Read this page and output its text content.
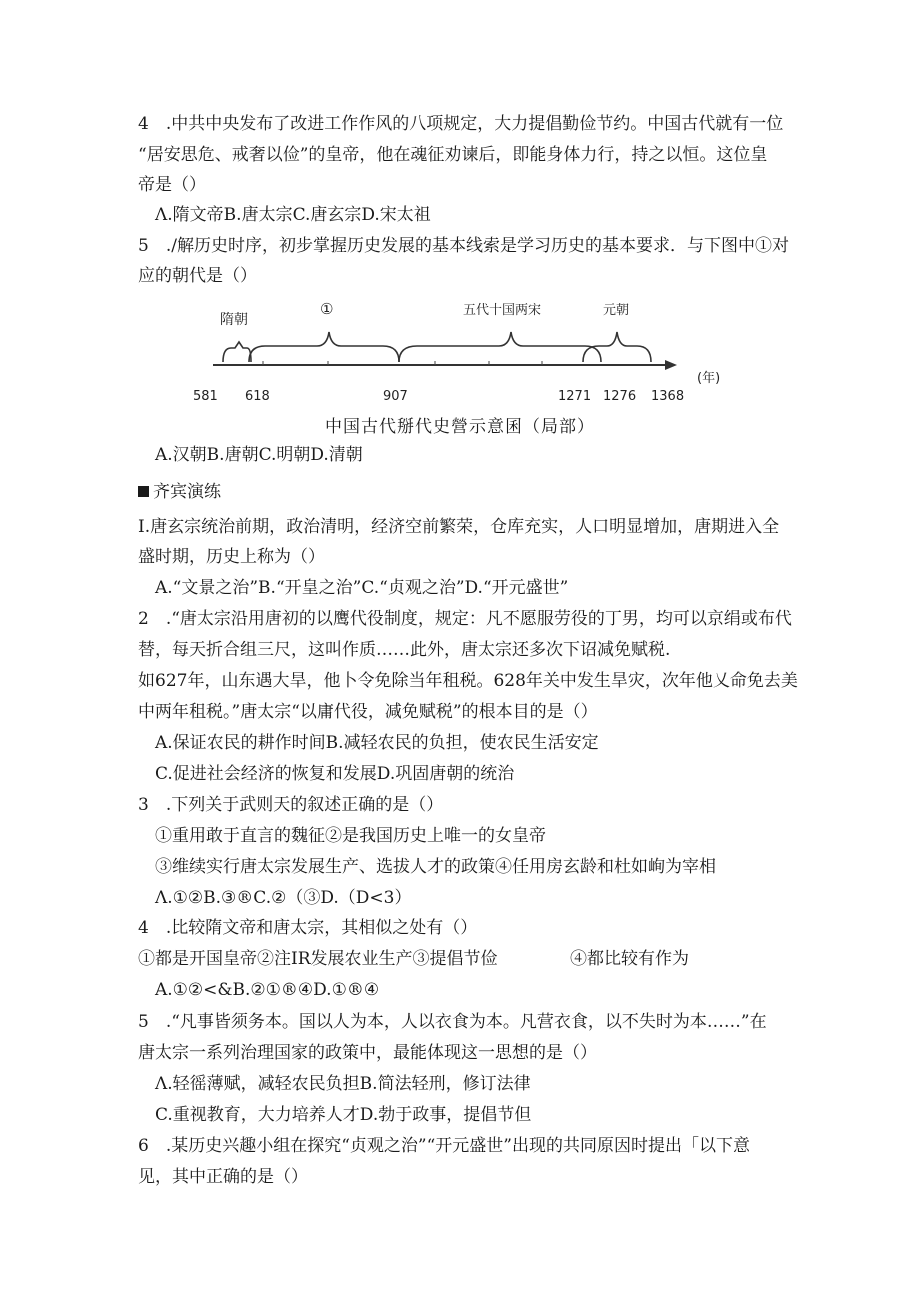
4　.中共中央发布了改进工作作风的八项规定，大力提倡勤俭节约。中国古代就有一位
“居安思危、戒奢以俭”的皇帝，他在魂征劝谏后，即能身体力行，持之以恒。这位皇
帝是（）
Λ.隋文帝B.唐太宗C.唐玄宗D.宋太祖
5　./解历史时序，初步掌握历史发展的基本线索是学习历史的基本要求．与下图中①对
应的朝代是（）
隋朝
①	五代十国两宋	元朝
(年)
581 618	907	1271 1276 1368
中国古代掰代史營示意囷（局部）
A.汉朝B.唐朝C.明朝D.清朝
齐宾演练
I.唐玄宗统治前期，政治清明，经济空前繁荣，仓库充实，人口明显增加，唐期进入全
盛时期，历史上称为（）
A.“文景之治”B.“开皇之治”C.“贞观之治”D.“开元盛世”
2　.“唐太宗沿用唐初的以鹰代役制度，规定：凡不愿服劳役的丁男，均可以京绢或布代
替，每天折合组三尺，这叫作质……此外，唐太宗还多次下诏减免赋税.
如627年，山东遇大旱，他卜令免除当年租税。628年关中发生旱灾，次年他乂命免去美
中两年租税。”唐太宗“以庸代役，减免赋税”的根本目的是（）
A.保证农民的耕作时间B.减轻农民的负担，使农民生活安定
C.促进社会经济的恢复和发展D.巩固唐朝的统治
3　.下列关于武则天的叙述正确的是（）
①重用敢于直言的魏征②是我国历史上唯一的女皇帝
③维续实行唐太宗发展生产、选拔人才的政策④任用房玄龄和杜如峋为宰相
Λ.①②B.③®C.②（③D.（D<3）
4　.比较隋文帝和唐太宗，其相似之处有（）
①都是开国皇帝②注IR发展农业生产③提倡节俭	④都比较有作为
A.①②<&B.②①®④D.①®④
5　.“凡事皆须务本。国以人为本，人以衣食为本。凡营衣食，以不失时为本……”在
唐太宗一系列治理国家的政策中，最能体现这一思想的是（）
Λ.轻徭薄赋，减轻农民负担B.简法轻刑，修订法律
C.重视教育，大力培养人才D.勃于政事，提倡节但
6　.某历史兴趣小组在探究“贞观之治”“开元盛世”出现的共同原因时提出「以下意
见，其中正确的是（）
